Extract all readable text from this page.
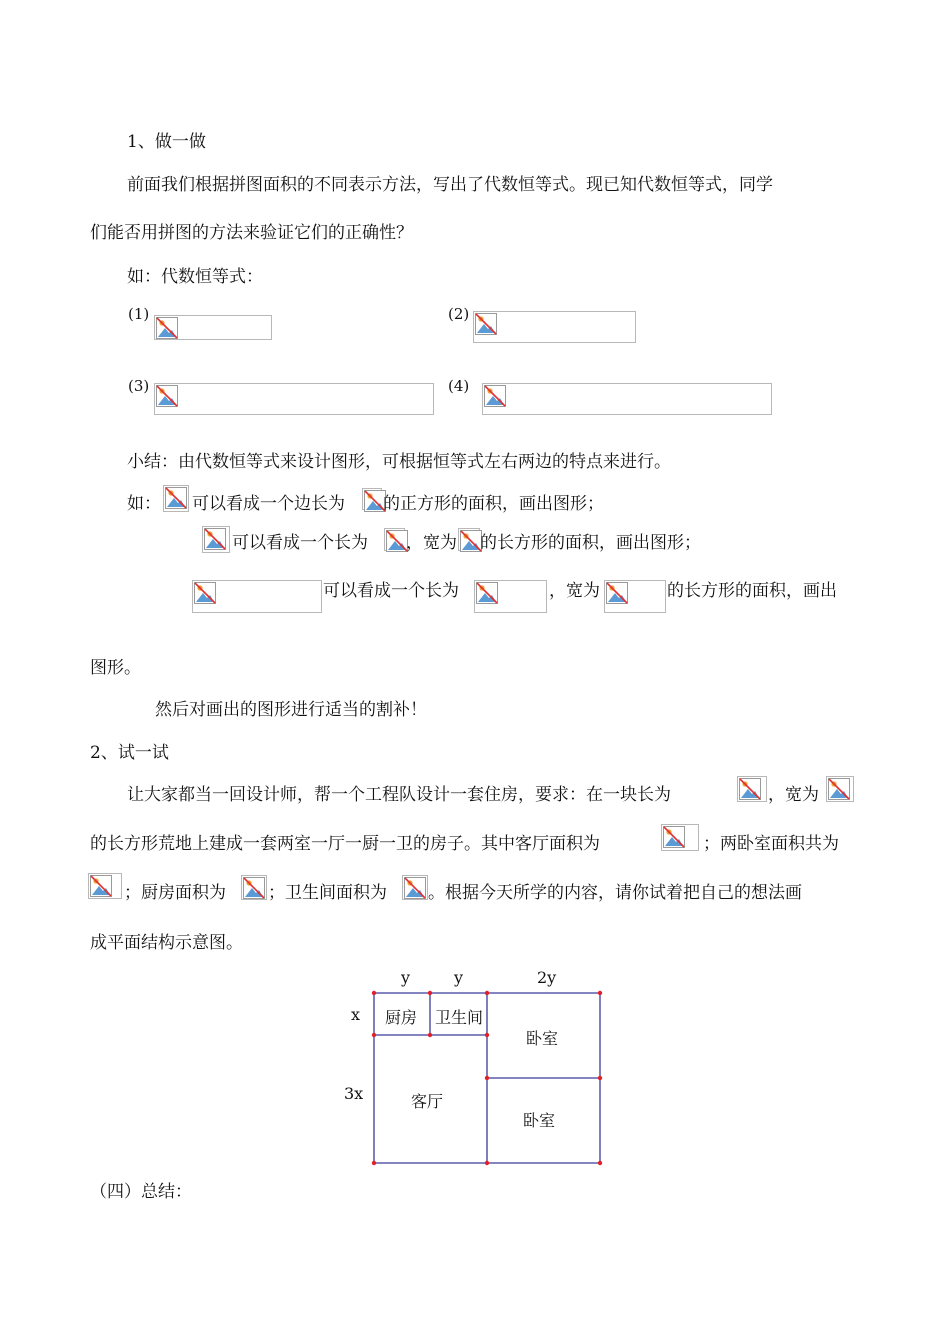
1、做一做
前面我们根据拼图面积的不同表示方法，写出了代数恒等式。现已知代数恒等式，同学
们能否用拼图的方法来验证它们的正确性？
如：代数恒等式：
(1)	(2)
(3)	(4)
小结：由代数恒等式来设计图形，可根据恒等式左右两边的特点来进行。
如： 可以看成一个边长为 的正方形的面积，画出图形；
可以看成一个长为 ，宽为 的长方形的面积，画出图形；
可以看成一个长为	，宽为	的长方形的面积，画出
图形。
然后对画出的图形进行适当的割补！
2、试一试
让大家都当一回设计师，帮一个工程队设计一套住房，要求：在一块长为	，宽为
的长方形荒地上建成一套两室一厅一厨一卫的房子。其中客厅面积为	；两卧室面积共为
；厨房面积为 ；卫生间面积为 。根据今天所学的内容，请你试着把自己的想法画
成平面结构示意图。
y	y	2y
x
3x
厨房 卫生间
卧室
客厅
卧室
（四）总结：
